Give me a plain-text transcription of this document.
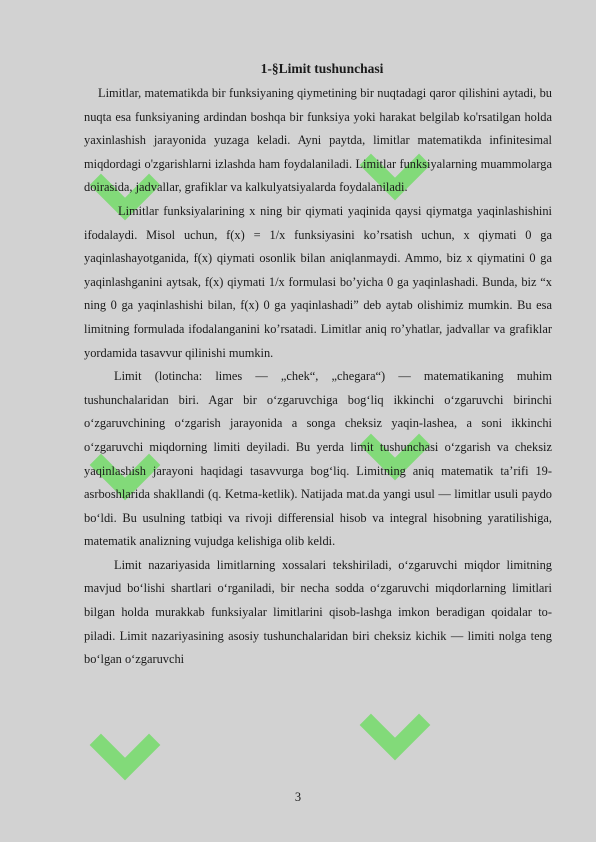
1-§Limit tushunchasi

Limitlar, matematikda bir funksiyaning qiymetining bir nuqtadagi qaror qilishini aytadi, bu nuqta esa funksiyaning ardindan boshqa bir funksiya yoki harakat belgilab ko'rsatilgan holda yaxinlashish jarayonida yuzaga keladi. Ayni paytda, limitlar matematikda infinitesimal miqdordagi o'zgarishlarni izlashda ham foydalaniladi. Limitlar funksiyalarning muammolarga doirasida, jadvallar, grafiklar va kalkulyatsiyalarda foydalaniladi.

Limitlar funksiyalarining x ning bir qiymati yaqinida qaysi qiymatga yaqinlashishini ifodalaydi. Misol uchun, f(x) = 1/x funksiyasini ko’rsatish uchun, x qiymati 0 ga yaqinlashayotganida, f(x) qiymati osonlik bilan aniqlanmaydi. Ammo, biz x qiymatini 0 ga yaqinlashganini aytsak, f(x) qiymati 1/x formulasi bo’yicha 0 ga yaqinlashadi. Bunda, biz “x ning 0 ga yaqinlashishi bilan, f(x) 0 ga yaqinlashadi” deb aytab olishimiz mumkin. Bu esa limitning formulada ifodalanganini ko’rsatadi. Limitlar aniq ro’yhatlar, jadvallar va grafiklar yordamida tasavvur qilinishi mumkin.

Limit (lotincha: limes — „chek“, „chegara“) — matematikaning muhim tushunchalaridan biri. Agar bir o‘zgaruvchiga bog‘liq ikkinchi o‘zgaruvchi birinchi o‘zgaruvchining o‘zgarish jarayonida a songa cheksiz yaqin-lashea, a soni ikkinchi o‘zgaruvchi miqdorning limiti deyiladi. Bu yerda limit tushunchasi o‘zgarish va cheksiz yaqinlashish jarayoni haqidagi tasavvurga bog‘liq. Limitning aniq matematik ta’rifi 19-asrboshlarida shakllandi (q. Ketma-ketlik). Natijada mat.da yangi usul — limitlar usuli paydo bo‘ldi. Bu usulning tatbiqi va rivoji differensial hisob va integral hisobning yaratilishiga, matematik analizning vujudga kelishiga olib keldi.

Limit nazariyasida limitlarning xossalari tekshiriladi, o‘zgaruvchi miqdor limitning mavjud bo‘lishi shartlari o‘rganiladi, bir necha sodda o‘zgaruvchi miqdorlarning limitlari bilgan holda murakkab funksiyalar limitlarini qisob-lashga imkon beradigan qoidalar to-piladi. Limit nazariyasining asosiy tushunchalaridan biri cheksiz kichik — limiti nolga teng bo‘lgan o‘zgaruvchi

3
